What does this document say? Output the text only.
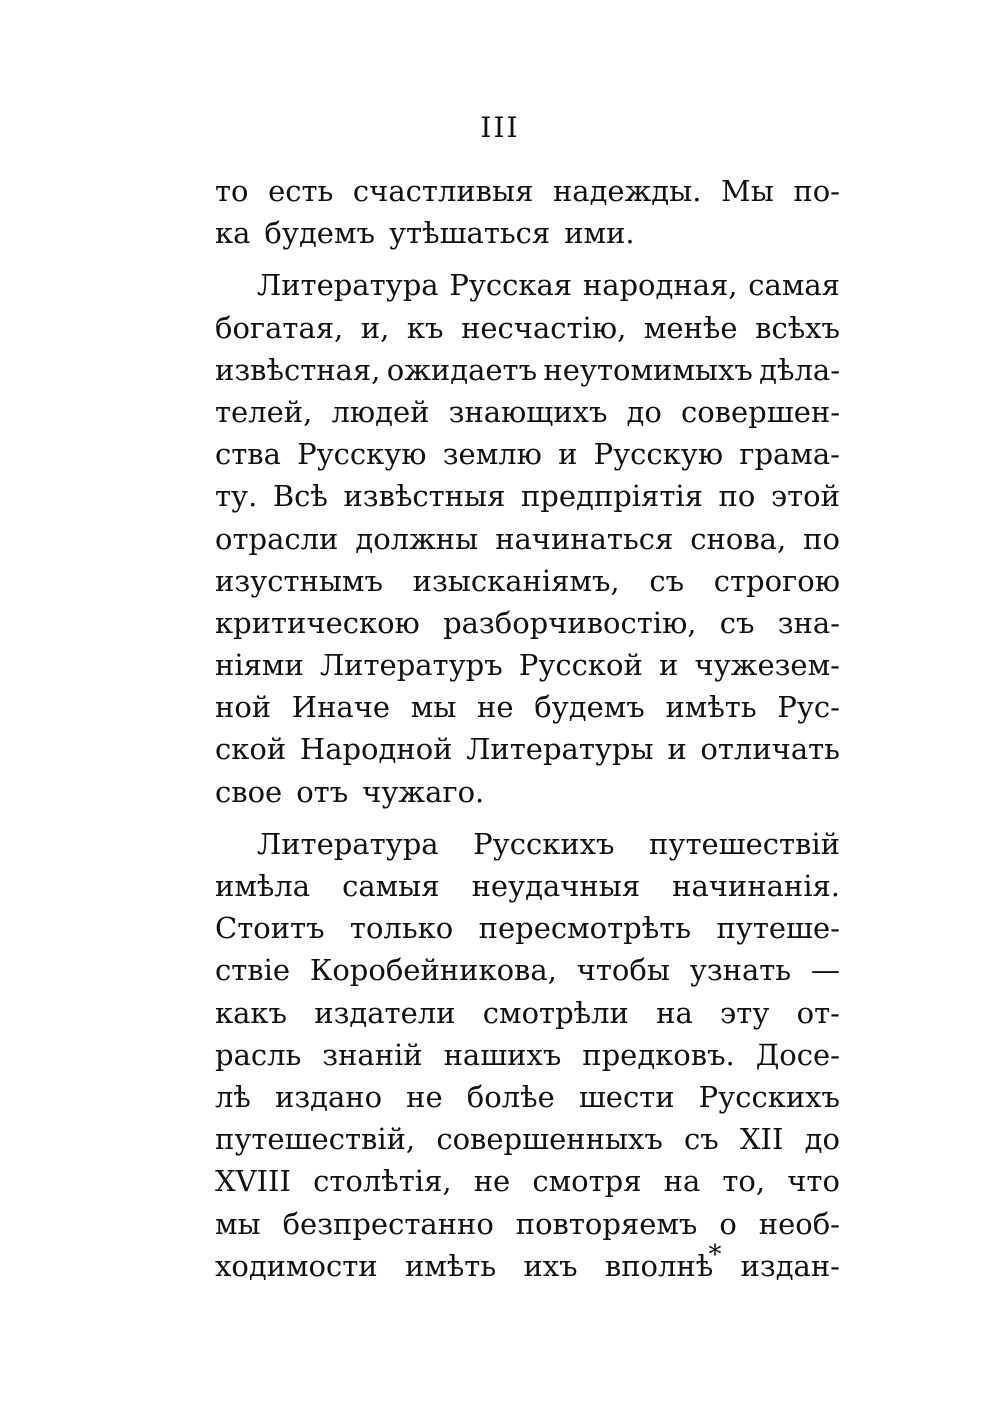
III
то есть счастливыя надежды. Мы по-
ка будемъ утѣшаться ими.
Литература Русская народная, самая
богатая, и, къ несчастію, менѣе всѣхъ
извѣстная, ожидаетъ неутомимыхъ дѣла-
телей, людей знающихъ до совершен-
ства Русскую землю и Русскую грама-
ту. Всѣ извѣстныя предпріятія по этой
отрасли должны начинаться снова, по
изустнымъ изысканіямъ, съ строгою
критическою разборчивостію, съ зна-
ніями Литературъ Русской и чужезем-
ной Иначе мы не будемъ имѣть Рус-
ской Народной Литературы и отличать
свое отъ чужаго.
Литература Русскихъ путешествій
имѣла самыя неудачныя начинанія.
Стоитъ только пересмотрѣть путеше-
ствіе Коробейникова, чтобы узнать —
какъ издатели смотрѣли на эту от-
расль знаній нашихъ предковъ. Досе-
лѣ издано не болѣе шести Русскихъ
путешествій, совершенныхъ съ XII до
XVIII столѣтія, не смотря на то, что
мы безпрестанно повторяемъ о необ-
ходимости имѣть ихъ вполнѣ издан-
*
